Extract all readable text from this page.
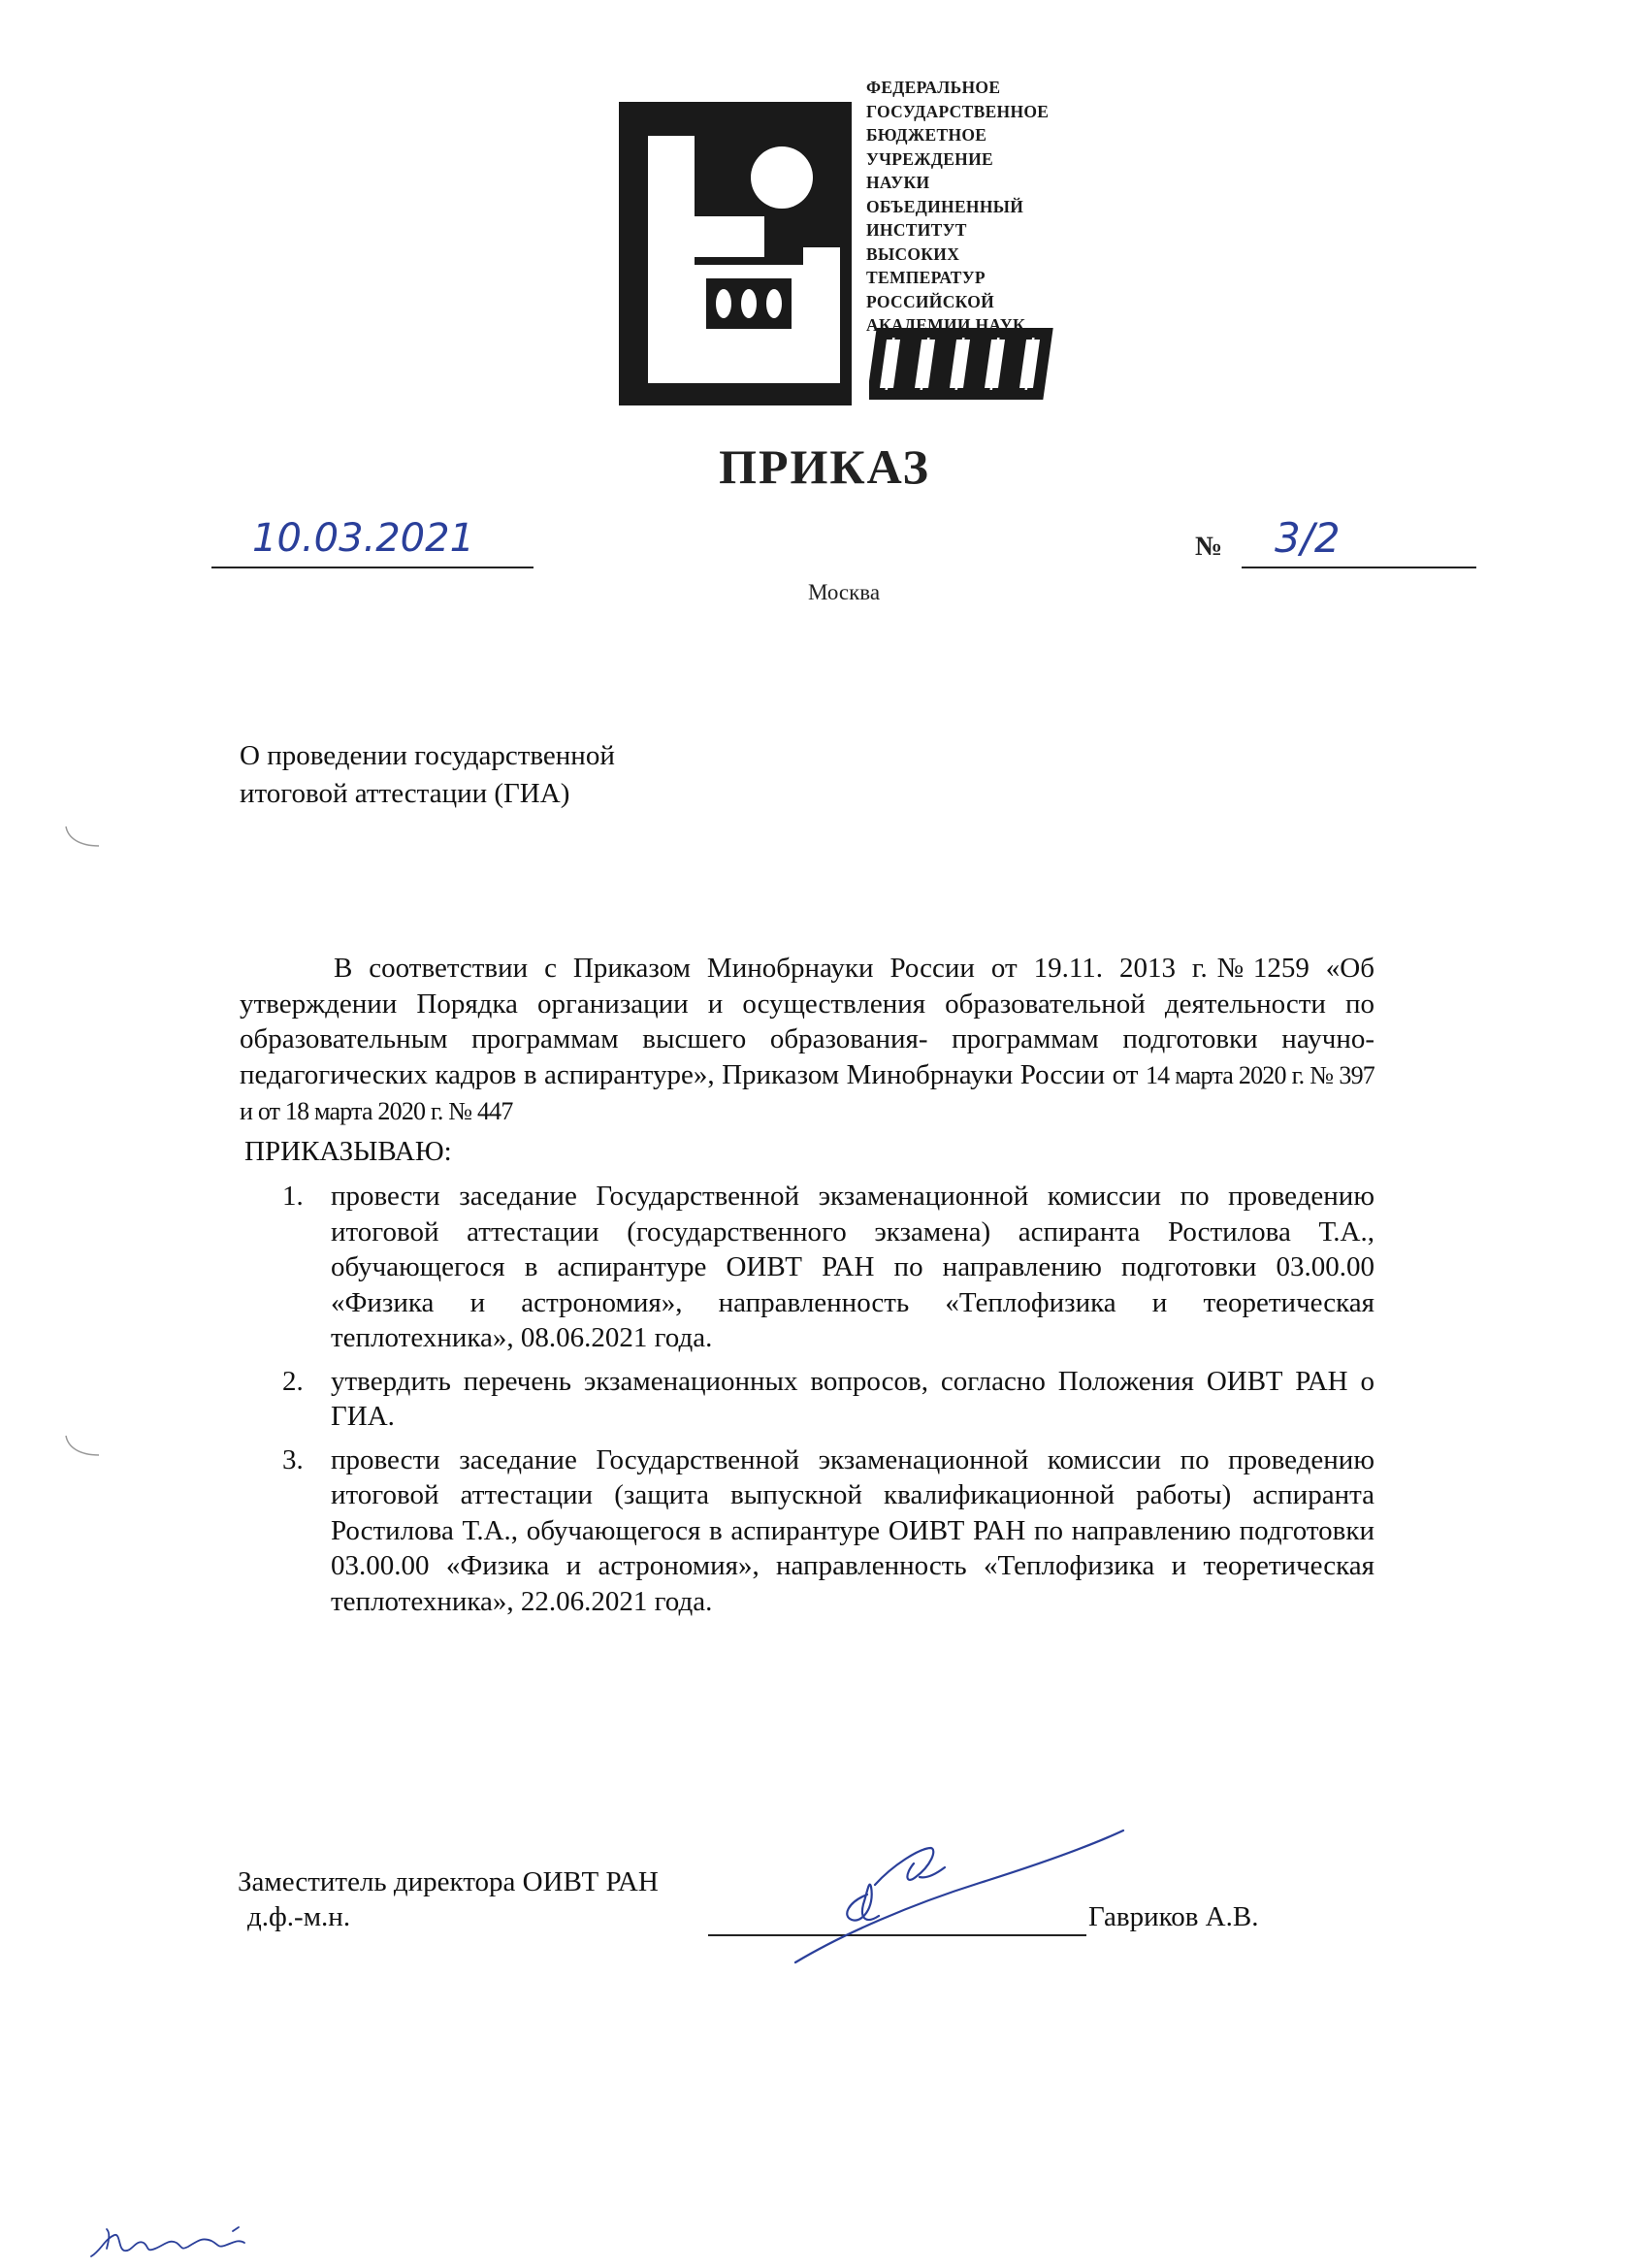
ФЕДЕРАЛЬНОЕ
ГОСУДАРСТВЕННОЕ
БЮДЖЕТНОЕ
УЧРЕЖДЕНИЕ
НАУКИ
ОБЪЕДИНЕННЫЙ
ИНСТИТУТ
ВЫСОКИХ
ТЕМПЕРАТУР
РОССИЙСКОЙ
АКАДЕМИИ НАУК
ПРИКАЗ
10.03.2021	№ 3/2
Москва
О проведении государственной
итоговой аттестации (ГИА)

В соответствии с Приказом Минобрнауки России от 19.11. 2013 г.№1259 «Об утверждении Порядка организации и осуществления образовательной деятельности по образовательным программам высшего образования- программам подготовки научно-педагогических кадров в аспирантуре», Приказом Минобрнауки России от 14 марта 2020 г. № 397 и от 18 марта 2020 г. № 447

ПРИКАЗЫВАЮ:
1. провести заседание Государственной экзаменационной комиссии по проведению итоговой аттестации (государственного экзамена) аспиранта Ростилова Т.А., обучающегося в аспирантуре ОИВТ РАН по направлению подготовки 03.00.00 «Физика и астрономия», направленность «Теплофизика и теоретическая теплотехника», 08.06.2021 года.
2. утвердить перечень экзаменационных вопросов, согласно Положения ОИВТ РАН о ГИА.
3. провести заседание Государственной экзаменационной комиссии по проведению итоговой аттестации (защита выпускной квалификационной работы) аспиранта Ростилова Т.А., обучающегося в аспирантуре ОИВТ РАН по направлению подготовки 03.00.00 «Физика и астрономия», направленность «Теплофизика и теоретическая теплотехника», 22.06.2021 года.
Заместитель директора ОИВТ РАН
д.ф.-м.н.	Гавриков А.В.
